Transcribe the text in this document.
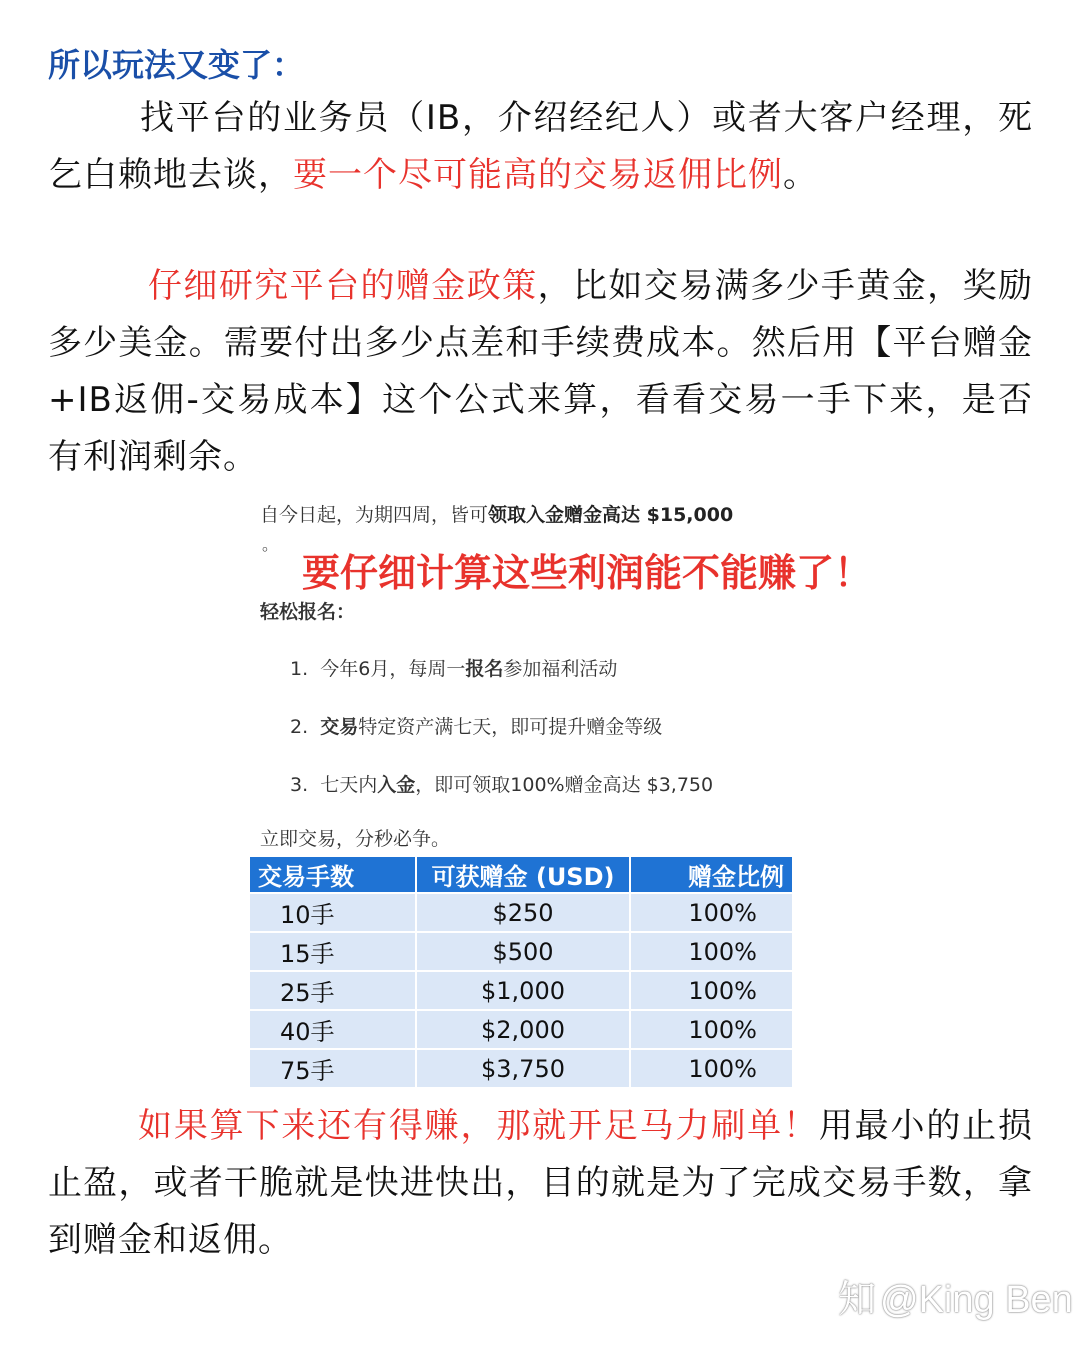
所以玩法又变了：

找平台的业务员（IB，介绍经纪人）或者大客户经理，死乞白赖地去谈，要一个尽可能高的交易返佣比例。

仔细研究平台的赠金政策，比如交易满多少手黄金，奖励多少美金。需要付出多少点差和手续费成本。然后用【平台赠金+IB返佣-交易成本】这个公式来算，看看交易一手下来，是否有利润剩余。

自今日起，为期四周，皆可领取入金赠金高达 $15,000
。
要仔细计算这些利润能不能赚了！
轻松报名：
1. 今年6月，每周一报名参加福利活动
2. 交易特定资产满七天，即可提升赠金等级
3. 七天内入金，即可领取100%赠金高达 $3,750
立即交易，分秒必争。
交易手数	可获赠金 (USD)	赠金比例
10手	$250	100%
15手	$500	100%
25手	$1,000	100%
40手	$2,000	100%
75手	$3,750	100%

如果算下来还有得赚，那就开足马力刷单！用最小的止损止盈，或者干脆就是快进快出，目的就是为了完成交易手数，拿到赠金和返佣。

知 @King Ben
